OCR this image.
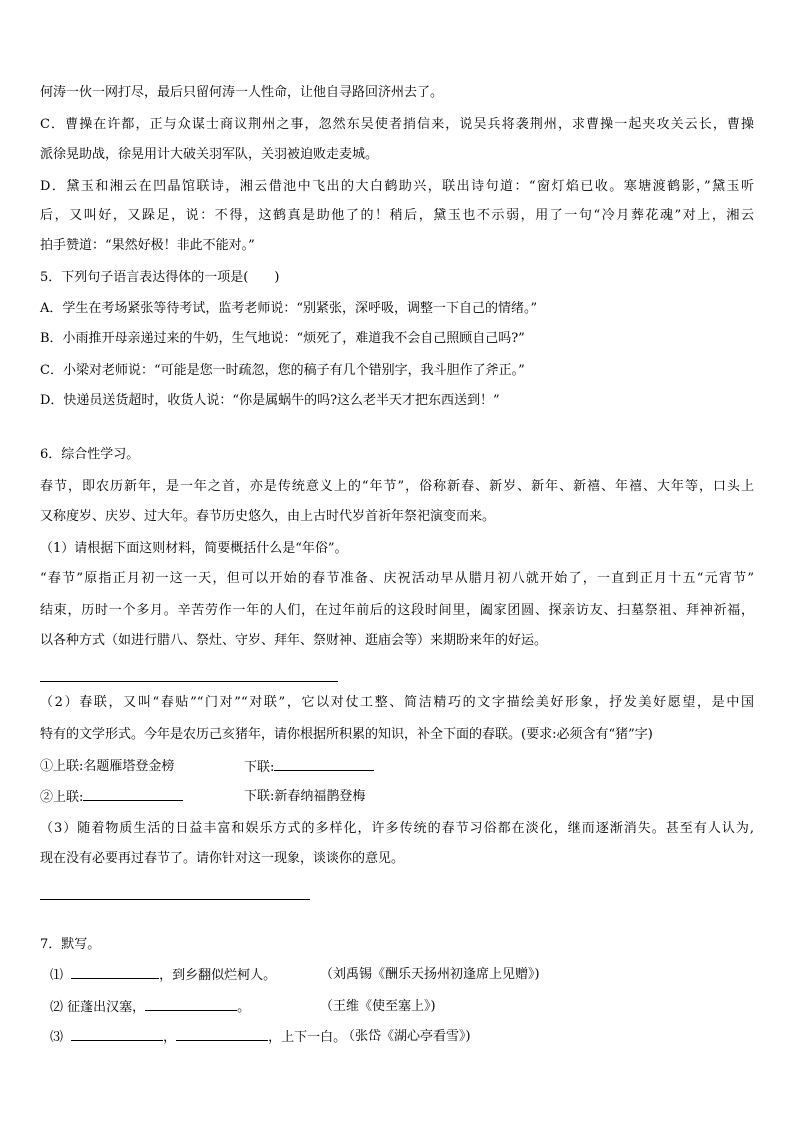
何涛一伙一网打尽，最后只留何涛一人性命，让他自寻路回济州去了。
C．曹操在许都，正与众谋士商议荆州之事，忽然东吴使者捎信来，说吴兵将袭荆州，求曹操一起夹攻关云长，曹操
派徐晃助战，徐晃用计大破关羽军队，关羽被迫败走麦城。
D．黛玉和湘云在凹晶馆联诗，湘云借池中飞出的大白鹤助兴，联出诗句道：“窗灯焰已收。寒塘渡鹤影，”黛玉听
后，又叫好，又跺足，说：不得，这鹤真是助他了的！稍后，黛玉也不示弱，用了一句“冷月葬花魂”对上，湘云
拍手赞道：“果然好极！非此不能对。”
5．下列句子语言表达得体的一项是(　　)
A．学生在考场紧张等待考试，监考老师说：“别紧张，深呼吸，调整一下自己的情绪。”
B．小雨推开母亲递过来的牛奶，生气地说：“烦死了，难道我不会自己照顾自己吗?”
C．小梁对老师说：“可能是您一时疏忽，您的稿子有几个错别字，我斗胆作了斧正。”
D．快递员送货超时，收货人说：“你是属蜗牛的吗?这么老半天才把东西送到！”
6．综合性学习。
春节，即农历新年，是一年之首，亦是传统意义上的“年节”，俗称新春、新岁、新年、新禧、年禧、大年等，口头上
又称度岁、庆岁、过大年。春节历史悠久，由上古时代岁首祈年祭祀演变而来。
（1）请根据下面这则材料，简要概括什么是“年俗”。
“春节”原指正月初一这一天，但可以开始的春节准备、庆祝活动早从腊月初八就开始了，一直到正月十五“元宵节”
结束，历时一个多月。辛苦劳作一年的人们，在过年前后的这段时间里，阖家团圆、探亲访友、扫墓祭祖、拜神祈福，
以各种方式（如进行腊八、祭灶、守岁、拜年、祭财神、逛庙会等）来期盼来年的好运。
（2）春联，又叫“春贴”“门对”“对联”，它以对仗工整、简洁精巧的文字描绘美好形象，抒发美好愿望，是中国
特有的文学形式。今年是农历己亥猪年，请你根据所积累的知识，补全下面的春联。(要求:必须含有“猪”字)
①上联:名题雁塔登金榜	下联:
②上联:	下联:新春纳福鹊登梅
（3）随着物质生活的日益丰富和娱乐方式的多样化，许多传统的春节习俗都在淡化，继而逐渐消失。甚至有人认为,
现在没有必要再过春节了。请你针对这一现象，谈谈你的意见。
7．默写。
⑴	，到乡翻似烂柯人。	（刘禹锡《酬乐天扬州初逢席上见赠》)
⑵ 征蓬出汉塞，	。	（王维《使至塞上》)
⑶	，	，上下一白。
（张岱《湖心亭看雪》)
